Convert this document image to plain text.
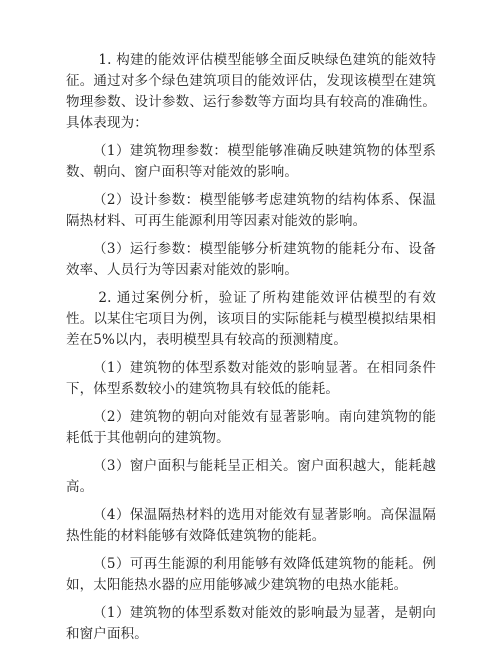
1. 构建的能效评估模型能够全面反映绿色建筑的能效特征。通过对多个绿色建筑项目的能效评估，发现该模型在建筑物理参数、设计参数、运行参数等方面均具有较高的准确性。具体表现为：

（1）建筑物理参数：模型能够准确反映建筑物的体型系数、朝向、窗户面积等对能效的影响。

（2）设计参数：模型能够考虑建筑物的结构体系、保温隔热材料、可再生能源利用等因素对能效的影响。

（3）运行参数：模型能够分析建筑物的能耗分布、设备效率、人员行为等因素对能效的影响。

2. 通过案例分析，验证了所构建能效评估模型的有效性。以某住宅项目为例，该项目的实际能耗与模型模拟结果相差在5%以内，表明模型具有较高的预测精度。

（1）建筑物的体型系数对能效的影响显著。在相同条件下，体型系数较小的建筑物具有较低的能耗。

（2）建筑物的朝向对能效有显著影响。南向建筑物的能耗低于其他朝向的建筑物。

（3）窗户面积与能耗呈正相关。窗户面积越大，能耗越高。

（4）保温隔热材料的选用对能效有显著影响。高保温隔热性能的材料能够有效降低建筑物的能耗。

（5）可再生能源的利用能够有效降低建筑物的能耗。例如，太阳能热水器的应用能够减少建筑物的电热水能耗。

（1）建筑物的体型系数对能效的影响最为显著，是朝向和窗户面积。
